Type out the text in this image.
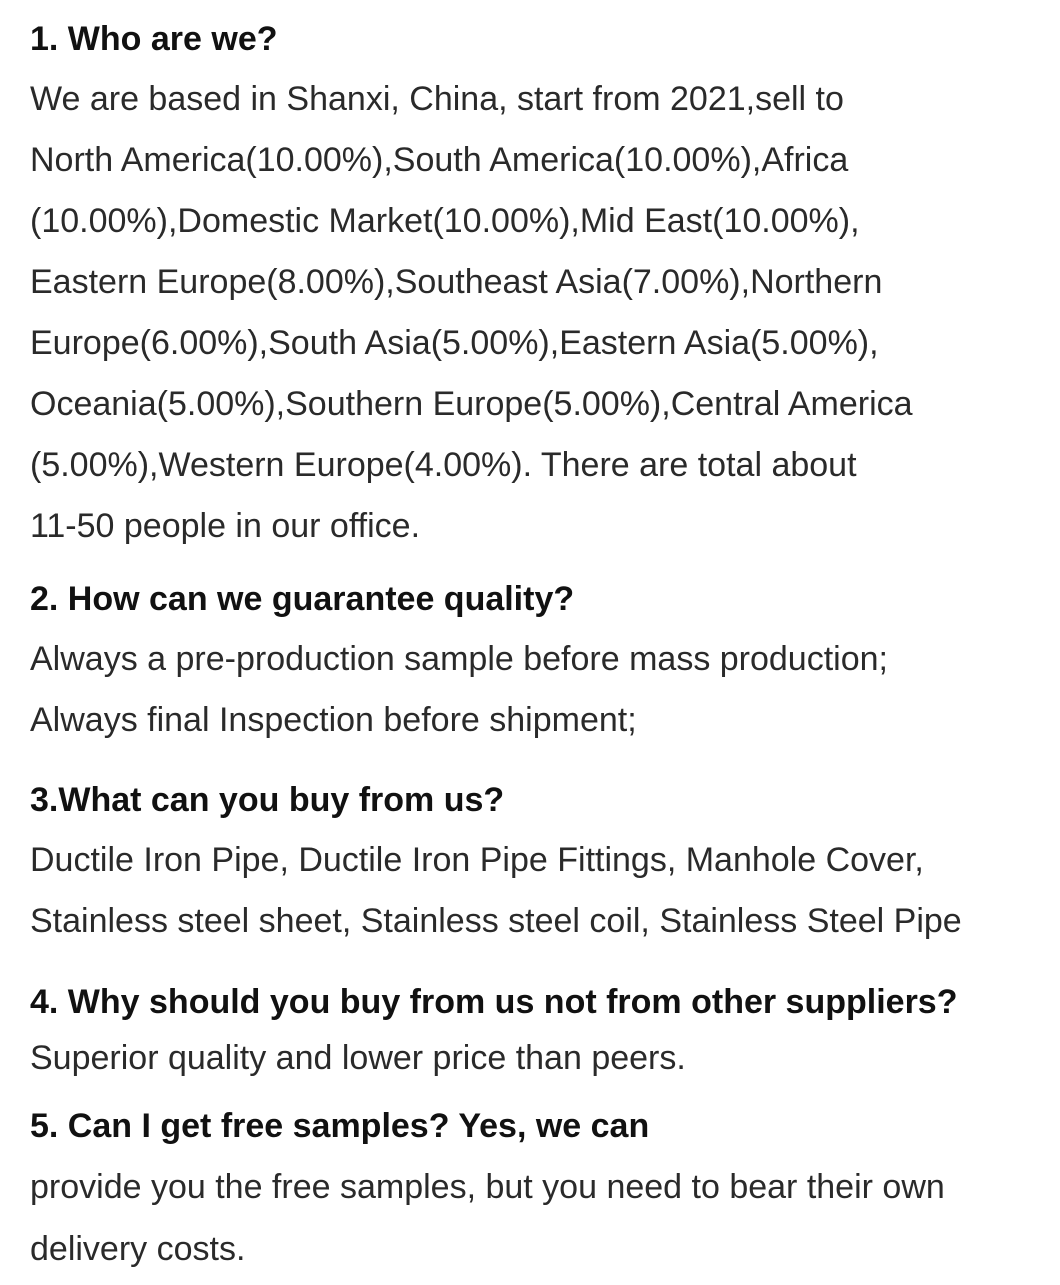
1. Who are we?
We are based in Shanxi, China, start from 2021,sell to
North America(10.00%),South America(10.00%),Africa
(10.00%),Domestic Market(10.00%),Mid East(10.00%),
Eastern Europe(8.00%),Southeast Asia(7.00%),Northern
Europe(6.00%),South Asia(5.00%),Eastern Asia(5.00%),
Oceania(5.00%),Southern Europe(5.00%),Central America
(5.00%),Western Europe(4.00%). There are total about
11-50 people in our office.
2. How can we guarantee quality?
Always a pre-production sample before mass production;
Always final Inspection before shipment;
3.What can you buy from us?
Ductile Iron Pipe, Ductile Iron Pipe Fittings, Manhole Cover,
Stainless steel sheet, Stainless steel coil, Stainless Steel Pipe
4. Why should you buy from us not from other suppliers?
Superior quality and lower price than peers.
5. Can I get free samples? Yes, we can
provide you the free samples, but you need to bear their own
delivery costs.
